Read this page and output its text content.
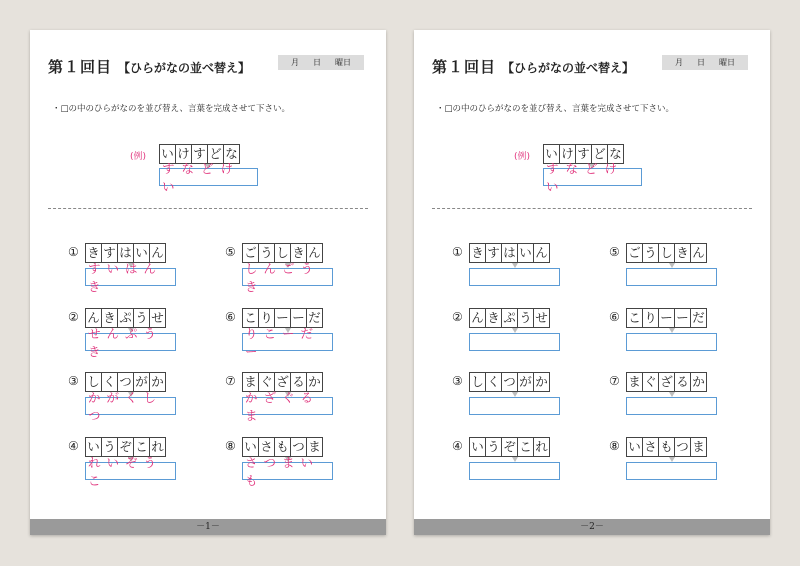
第１回目 【ひらがなの並べ替え】	月 日 曜日
・□の中のひらがなのを並び替え、言葉を完成させて下さい。
(例) い け す ど な
すなどけい
－1－
① き す は い ん
すいはんき
② ん き ぷ う せ
せんぷうき
③ し く つ が か
かがくしつ
④ い う ぞ こ れ
れいぞうこ
⑤ ご う し き ん
しんごうき
⑥ こ り ー ー だ
りこーだー
⑦ ま ぐ ざ る か
かざぐるま
⑧ い さ も つ ま
さつまいも
第１回目 【ひらがなの並べ替え】	月 日 曜日
・□の中のひらがなのを並び替え、言葉を完成させて下さい。
(例) い け す ど な
すなどけい
－2－
① き す は い ん
② ん き ぷ う せ
③ し く つ が か
④ い う ぞ こ れ
⑤ ご う し き ん
⑥ こ り ー ー だ
⑦ ま ぐ ざ る か
⑧ い さ も つ ま
